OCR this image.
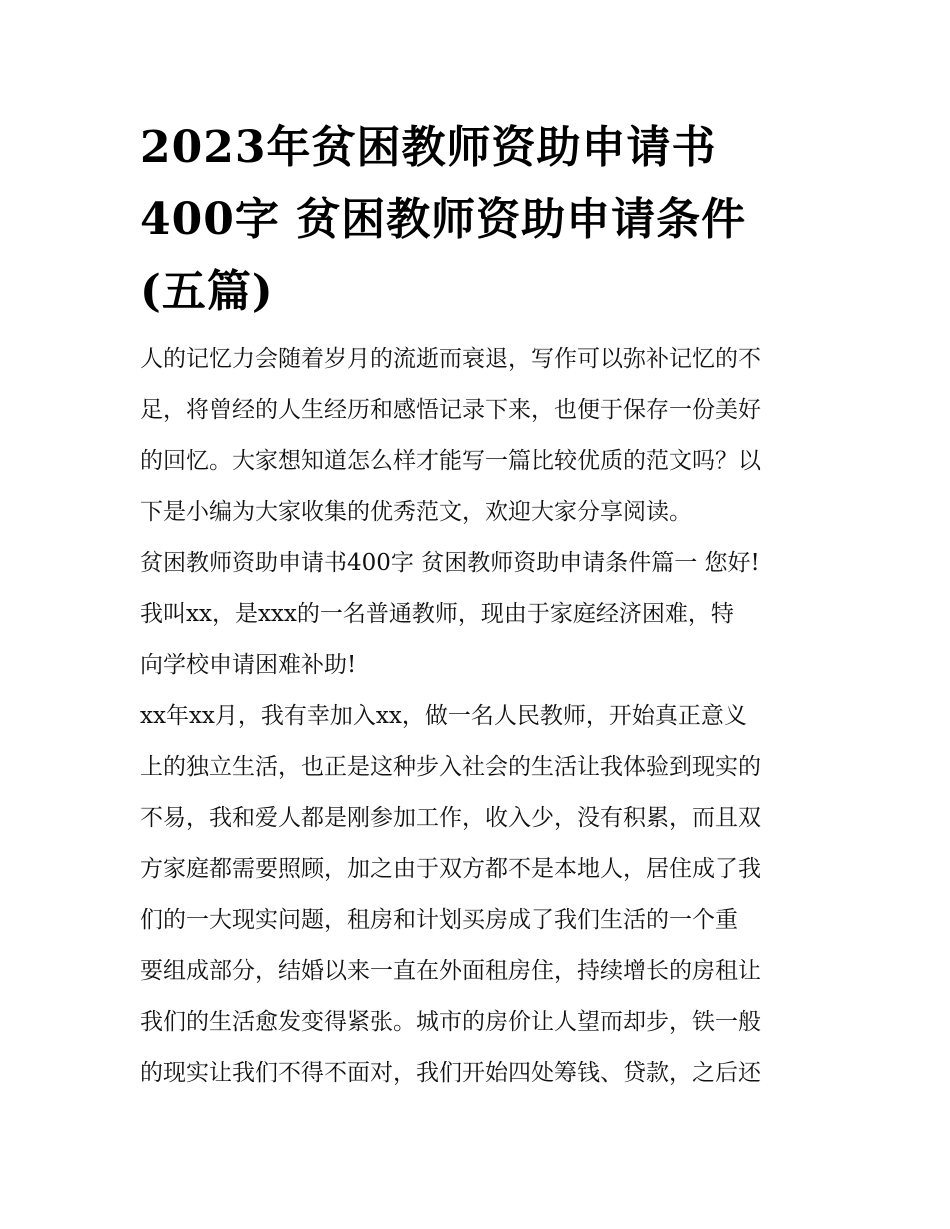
2023年贫困教师资助申请书
400字 贫困教师资助申请条件
(五篇)

人的记忆力会随着岁月的流逝而衰退，写作可以弥补记忆的不
足，将曾经的人生经历和感悟记录下来，也便于保存一份美好
的回忆。大家想知道怎么样才能写一篇比较优质的范文吗？以
下是小编为大家收集的优秀范文，欢迎大家分享阅读。

贫困教师资助申请书400字 贫困教师资助申请条件篇一 您好!
我叫xx，是xxx的一名普通教师，现由于家庭经济困难，特
向学校申请困难补助!

xx年xx月，我有幸加入xx，做一名人民教师，开始真正意义
上的独立生活，也正是这种步入社会的生活让我体验到现实的
不易，我和爱人都是刚参加工作，收入少，没有积累，而且双
方家庭都需要照顾，加之由于双方都不是本地人，居住成了我
们的一大现实问题，租房和计划买房成了我们生活的一个重
要组成部分，结婚以来一直在外面租房住，持续增长的房租让
我们的生活愈发变得紧张。城市的房价让人望而却步，铁一般
的现实让我们不得不面对，我们开始四处筹钱、贷款，之后还
